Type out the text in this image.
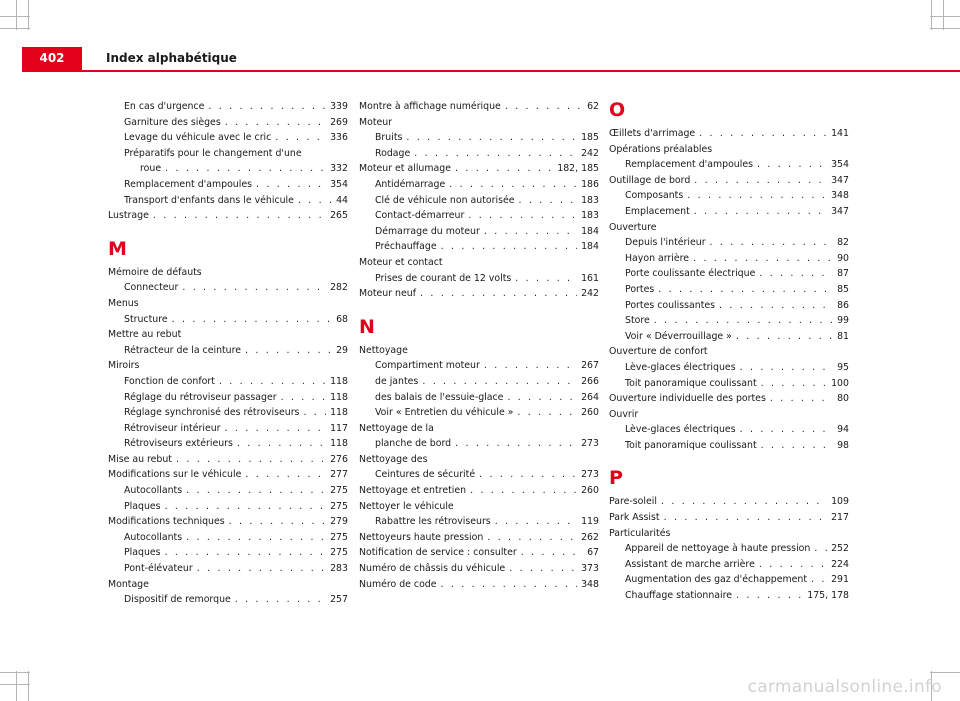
402	Index alphabétique
En cas d'urgence . . .	339
Garniture des sièges . . .	269
Levage du véhicule avec le cric . . .	336
Préparatifs pour le changement d'une
roue . . .	332
Remplacement d'ampoules . . .	354
Transport d'enfants dans le véhicule . . .	44
Lustrage . . .	265
M
Mémoire de défauts
Connecteur . . .	282
Menus
Structure . . .	68
Mettre au rebut
Rétracteur de la ceinture . . .	29
Miroirs
Fonction de confort . . .	118
Réglage du rétroviseur passager . . .	118
Réglage synchronisé des rétroviseurs . . .	118
Rétroviseur intérieur . . .	117
Rétroviseurs extérieurs . . .	118
Mise au rebut . . .	276
Modifications sur le véhicule . . .	277
Autocollants . . .	275
Plaques . . .	275
Modifications techniques . . .	279
Autocollants . . .	275
Plaques . . .	275
Pont-élévateur . . .	283
Montage
Dispositif de remorque . . .	257
Montre à affichage numérique . . .	62
Moteur
Bruits . . .	185
Rodage . . .	242
Moteur et allumage . . .	182, 185
Antidémarrage . . .	186
Clé de véhicule non autorisée . . .	183
Contact-démarreur . . .	183
Démarrage du moteur . . .	184
Préchauffage . . .	184
Moteur et contact
Prises de courant de 12 volts . . .	161
Moteur neuf . . .	242
N
Nettoyage
Compartiment moteur . . .	267
de jantes . . .	266
des balais de l'essuie-glace . . .	264
Voir « Entretien du véhicule » . . .	260
Nettoyage de la
planche de bord . . .	273
Nettoyage des
Ceintures de sécurité . . .	273
Nettoyage et entretien . . .	260
Nettoyer le véhicule
Rabattre les rétroviseurs . . .	119
Nettoyeurs haute pression . . .	262
Notification de service : consulter . . .	67
Numéro de châssis du véhicule . . .	373
Numéro de code . . .	348
O
Œillets d'arrimage . . .	141
Opérations préalables
Remplacement d'ampoules . . .	354
Outillage de bord . . .	347
Composants . . .	348
Emplacement . . .	347
Ouverture
Depuis l'intérieur . . .	82
Hayon arrière . . .	90
Porte coulissante électrique . . .	87
Portes . . .	85
Portes coulissantes . . .	86
Store . . .	99
Voir « Déverrouillage » . . .	81
Ouverture de confort
Lève-glaces électriques . . .	95
Toit panoramique coulissant . . .	100
Ouverture individuelle des portes . . .	80
Ouvrir
Lève-glaces électriques . . .	94
Toit panoramique coulissant . . .	98
P
Pare-soleil . . .	109
Park Assist . . .	217
Particularités
Appareil de nettoyage à haute pression . . . 252
Assistant de marche arrière . . .	224
Augmentation des gaz d'échappement . . .	291
Chauffage stationnaire . . .	175, 178
carmanualsonline.info
